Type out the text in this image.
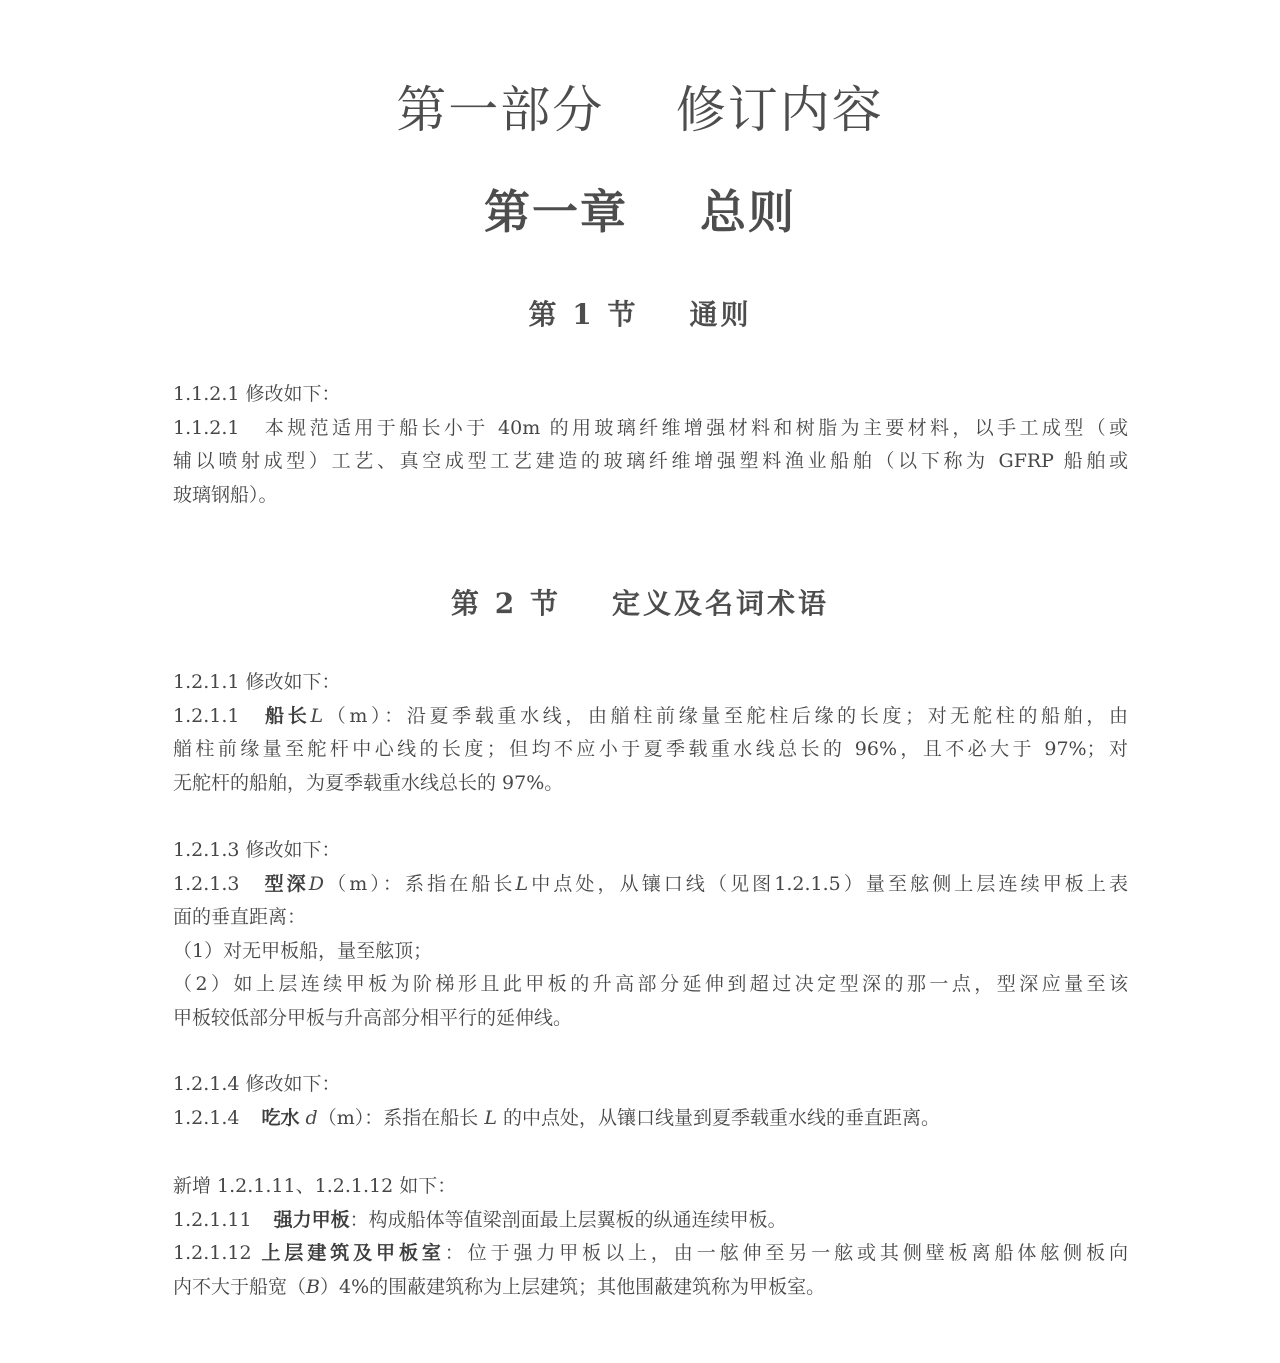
第一部分    修订内容
第一章    总则
第 1 节    通则
1.1.2.1 修改如下：
1.1.2.1 本规范适用于船长小于 40m 的用玻璃纤维增强材料和树脂为主要材料，以手工成型（或
辅以喷射成型）工艺、真空成型工艺建造的玻璃纤维增强塑料渔业船舶（以下称为 GFRP 船舶或
玻璃钢船）。
第 2 节    定义及名词术语
1.2.1.1 修改如下：
1.2.1.1 船长L（m）：沿夏季载重水线，由艏柱前缘量至舵柱后缘的长度；对无舵柱的船舶，由
艏柱前缘量至舵杆中心线的长度；但均不应小于夏季载重水线总长的 96%，且不必大于 97%；对
无舵杆的船舶，为夏季载重水线总长的 97%。
1.2.1.3 修改如下：
1.2.1.3 型深D（m）：系指在船长L中点处，从镶口线（见图1.2.1.5）量至舷侧上层连续甲板上表
面的垂直距离：
（1）对无甲板船，量至舷顶；
（2）如上层连续甲板为阶梯形且此甲板的升高部分延伸到超过决定型深的那一点，型深应量至该
甲板较低部分甲板与升高部分相平行的延伸线。
1.2.1.4 修改如下：
1.2.1.4 吃水 d（m）：系指在船长 L 的中点处，从镶口线量到夏季载重水线的垂直距离。
新增 1.2.1.11、1.2.1.12 如下：
1.2.1.11 强力甲板：构成船体等值梁剖面最上层翼板的纵通连续甲板。
1.2.1.12 上层建筑及甲板室：位于强力甲板以上，由一舷伸至另一舷或其侧壁板离船体舷侧板向
内不大于船宽（B）4%的围蔽建筑称为上层建筑；其他围蔽建筑称为甲板室。
